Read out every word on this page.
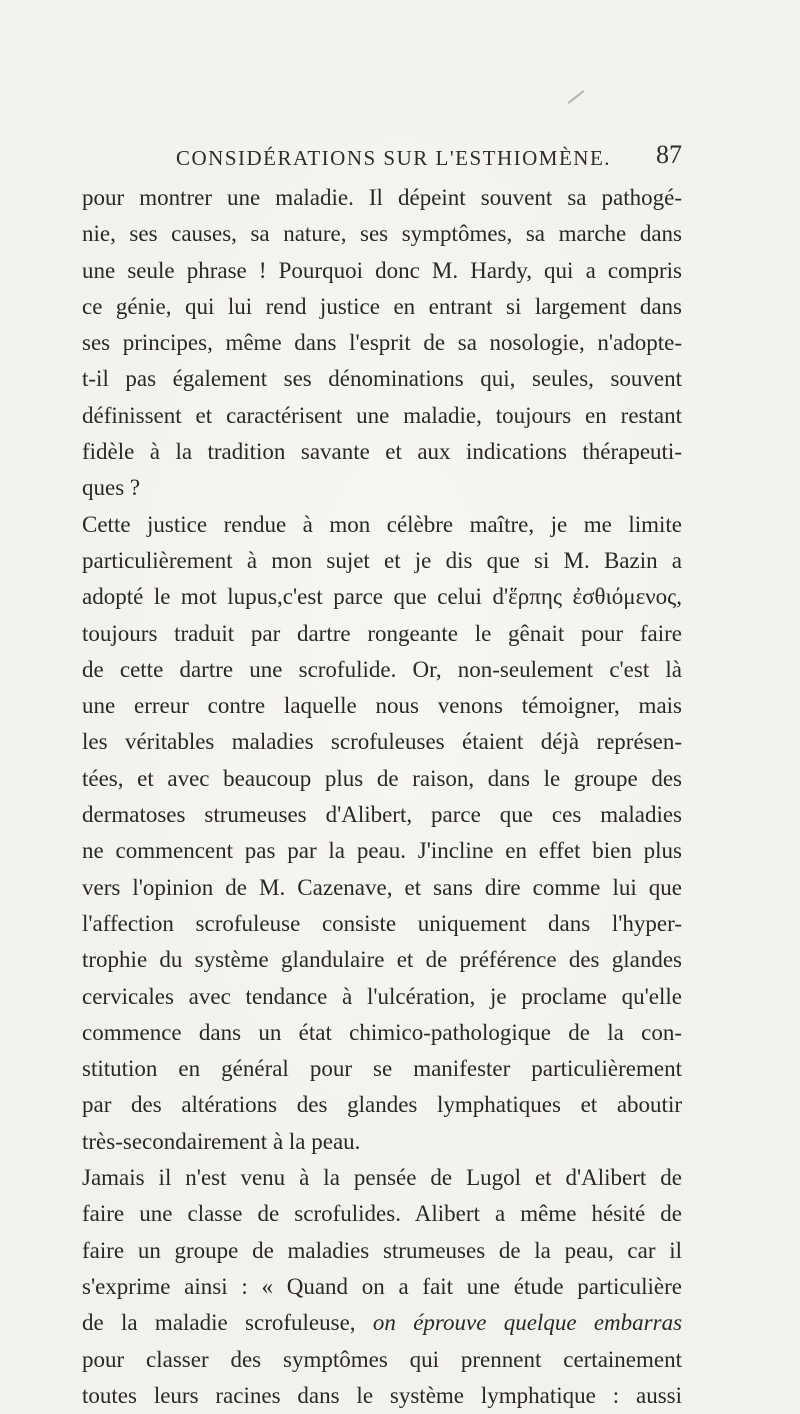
CONSIDÉRATIONS SUR L'ESTHIOMÈNE. 87
pour montrer une maladie. Il dépeint souvent sa pathogé-
nie, ses causes, sa nature, ses symptômes, sa marche dans
une seule phrase ! Pourquoi donc M. Hardy, qui a compris
ce génie, qui lui rend justice en entrant si largement dans
ses principes, même dans l'esprit de sa nosologie, n'adopte-
t-il pas également ses dénominations qui, seules, souvent
définissent et caractérisent une maladie, toujours en restant
fidèle à la tradition savante et aux indications thérapeuti-
ques ?
Cette justice rendue à mon célèbre maître, je me limite
particulièrement à mon sujet et je dis que si M. Bazin a
adopté le mot lupus,c'est parce que celui d'ἕρπης ἐσθιόμενος,
toujours traduit par dartre rongeante le gênait pour faire
de cette dartre une scrofulide. Or, non-seulement c'est là
une erreur contre laquelle nous venons témoigner, mais
les véritables maladies scrofuleuses étaient déjà représen-
tées, et avec beaucoup plus de raison, dans le groupe des
dermatoses strumeuses d'Alibert, parce que ces maladies
ne commencent pas par la peau. J'incline en effet bien plus
vers l'opinion de M. Cazenave, et sans dire comme lui que
l'affection scrofuleuse consiste uniquement dans l'hyper-
trophie du système glandulaire et de préférence des glandes
cervicales avec tendance à l'ulcération, je proclame qu'elle
commence dans un état chimico-pathologique de la con-
stitution en général pour se manifester particulièrement
par des altérations des glandes lymphatiques et aboutir
très-secondairement à la peau.
Jamais il n'est venu à la pensée de Lugol et d'Alibert de
faire une classe de scrofulides. Alibert a même hésité de
faire un groupe de maladies strumeuses de la peau, car il
s'exprime ainsi : « Quand on a fait une étude particulière
de la maladie scrofuleuse, on éprouve quelque embarras
pour classer des symptômes qui prennent certainement
toutes leurs racines dans le système lymphatique : aussi
